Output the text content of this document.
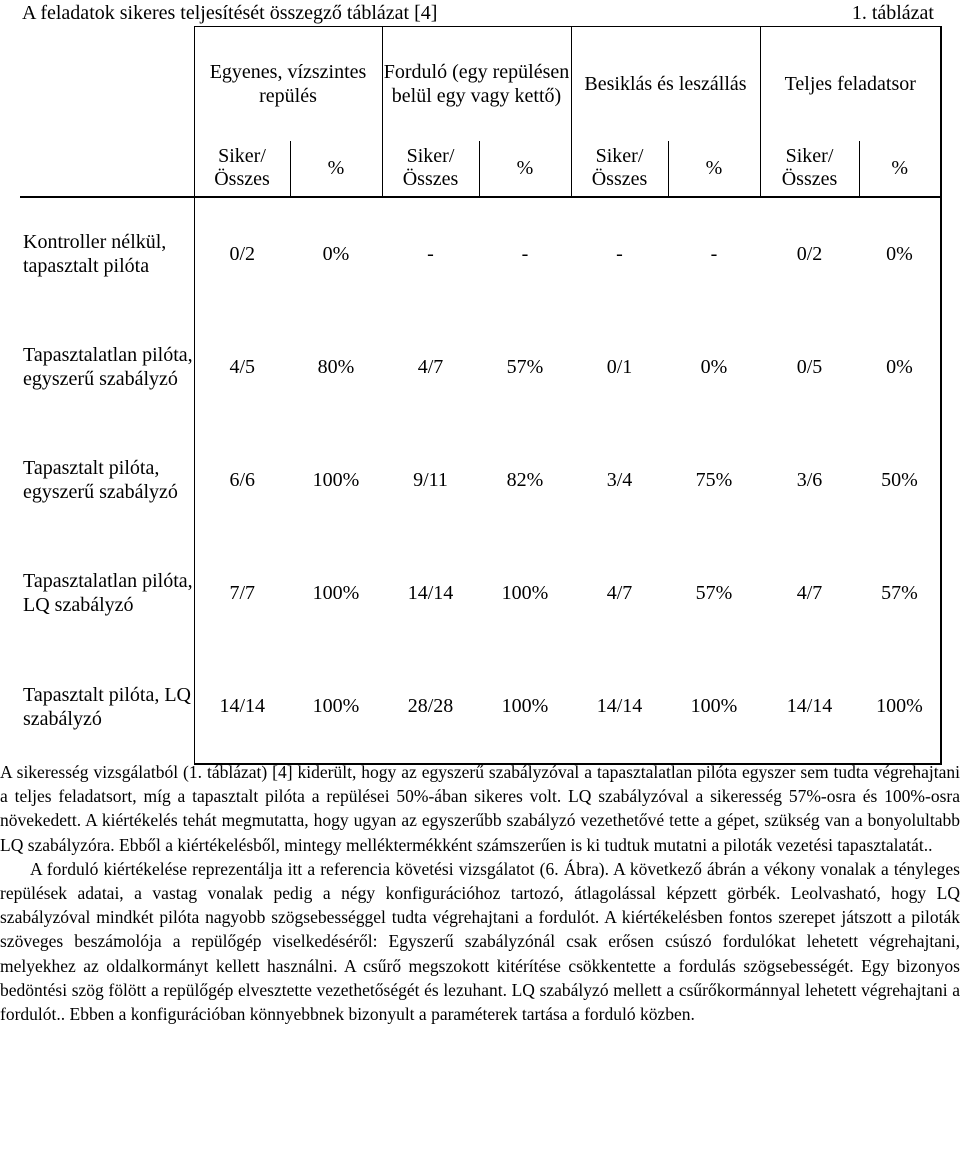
A feladatok sikeres teljesítését összegző táblázat [4]	1. táblázat
	Egyenes, vízszintes repülés		Forduló (egy repülésen belül egy vagy kettő)		Besiklás és leszállás		Teljes feladatsor	
	Siker/ Összes	%	Siker/ Összes	%	Siker/ Összes	%	Siker/ Összes	%
Kontroller nélkül, tapasztalt pilóta	0/2	0%	-	-	-	-	0/2	0%
Tapasztalatlan pilóta, egyszerű szabályzó	4/5	80%	4/7	57%	0/1	0%	0/5	0%
Tapasztalt pilóta, egyszerű szabályzó	6/6	100%	9/11	82%	3/4	75%	3/6	50%
Tapasztalatlan pilóta, LQ szabályzó	7/7	100%	14/14	100%	4/7	57%	4/7	57%
Tapasztalt pilóta, LQ szabályzó	14/14	100%	28/28	100%	14/14	100%	14/14	100%

A sikeresség vizsgálatból (1. táblázat) [4] kiderült, hogy az egyszerű szabályzóval a tapasztalatlan pilóta egyszer sem tudta végrehajtani a teljes feladatsort, míg a tapasztalt pilóta a repülései 50%-ában sikeres volt. LQ szabályzóval a sikeresség 57%-osra és 100%-osra növekedett. A kiértékelés tehát megmutatta, hogy ugyan az egyszerűbb szabályzó vezethetővé tette a gépet, szükség van a bonyolultabb LQ szabályzóra. Ebből a kiértékelésből, mintegy melléktermékként számszerűen is ki tudtuk mutatni a piloták vezetési tapasztalatát..

A forduló kiértékelése reprezentálja itt a referencia követési vizsgálatot (6. Ábra). A következő ábrán a vékony vonalak a tényleges repülések adatai, a vastag vonalak pedig a négy konfigurációhoz tartozó, átlagolással képzett görbék. Leolvasható, hogy LQ szabályzóval mindkét pilóta nagyobb szögsebességgel tudta végrehajtani a fordulót. A kiértékelésben fontos szerepet játszott a piloták szöveges beszámolója a repülőgép viselkedéséről: Egyszerű szabályzónál csak erősen csúszó fordulókat lehetett végrehajtani, melyekhez az oldalkormányt kellett használni. A csűrő megszokott kitérítése csökkentette a fordulás szögsebességét. Egy bizonyos bedöntési szög fölött a repülőgép elvesztette vezethetőségét és lezuhant. LQ szabályzó mellett a csűrőkormánnyal lehetett végrehajtani a fordulót.. Ebben a konfigurációban könnyebbnek bizonyult a paraméterek tartása a forduló közben.
